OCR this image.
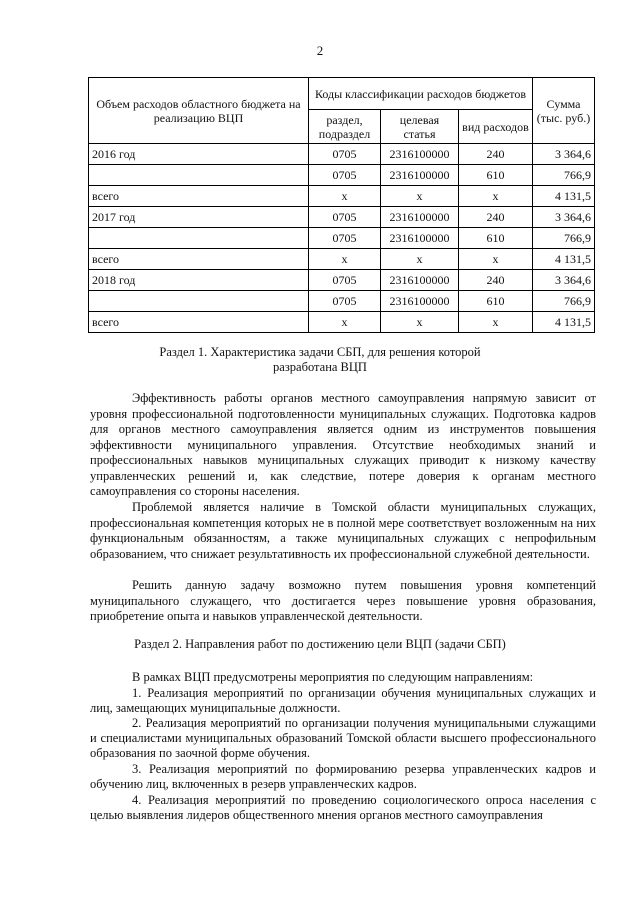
2
Объем расходов областного бюджета на реализацию ВЦП	Коды классификации расходов бюджетов			Сумма (тыс. руб.)
	раздел, подраздел	целевая статья	вид расходов	
2016 год	0705	2316100000	240	3 364,6
	0705	2316100000	610	766,9
всего	х	х	х	4 131,5
2017 год	0705	2316100000	240	3 364,6
	0705	2316100000	610	766,9
всего	х	х	х	4 131,5
2018 год	0705	2316100000	240	3 364,6
	0705	2316100000	610	766,9
всего	х	х	х	4 131,5
Раздел 1. Характеристика задачи СБП, для решения которой
разработана ВЦП

Эффективность работы органов местного самоуправления напрямую зависит от уровня профессиональной подготовленности муниципальных служащих. Подготовка кадров для органов местного самоуправления является одним из инструментов повышения эффективности муниципального управления. Отсутствие необходимых знаний и профессиональных навыков муниципальных служащих приводит к низкому качеству управленческих решений и, как следствие, потере доверия к органам местного самоуправления со стороны населения.

Проблемой является наличие в Томской области муниципальных служащих, профессиональная компетенция которых не в полной мере соответствует возложенным на них функциональным обязанностям, а также муниципальных служащих с непрофильным образованием, что снижает результативность их профессиональной служебной деятельности.

Решить данную задачу возможно путем повышения уровня компетенций муниципального служащего, что достигается через повышение уровня образования, приобретение опыта и навыков управленческой деятельности.

Раздел 2. Направления работ по достижению цели ВЦП (задачи СБП)

В рамках ВЦП предусмотрены мероприятия по следующим направлениям:

1. Реализация мероприятий по организации обучения муниципальных служащих и лиц, замещающих муниципальные должности.

2. Реализация мероприятий по организации получения муниципальными служащими и специалистами муниципальных образований Томской области высшего профессионального образования по заочной форме обучения.

3. Реализация мероприятий по формированию резерва управленческих кадров и обучению лиц, включенных в резерв управленческих кадров.

4. Реализация мероприятий по проведению социологического опроса населения с целью выявления лидеров общественного мнения органов местного самоуправления
